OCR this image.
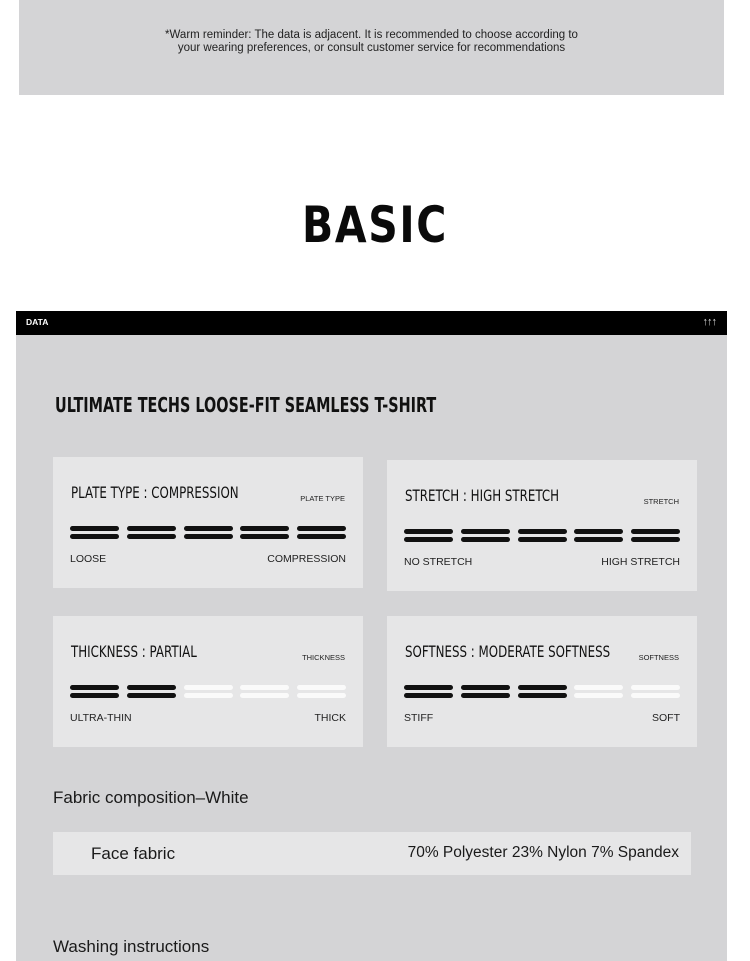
*Warm reminder: The data is adjacent. It is recommended to choose according to
your wearing preferences, or consult customer service for recommendations
BASIC
DATA	↑↑↑
ULTIMATE TECHS LOOSE-FIT SEAMLESS T-SHIRT
PLATE TYPE : COMPRESSION	PLATE TYPE
LOOSE	COMPRESSION
STRETCH : HIGH STRETCH	STRETCH
NO STRETCH	HIGH STRETCH
THICKNESS : PARTIAL	THICKNESS
ULTRA-THIN	THICK
SOFTNESS : MODERATE SOFTNESS	SOFTNESS
STIFF	SOFT
Fabric composition–White
Face fabric	70% Polyester 23% Nylon 7% Spandex
Washing instructions
